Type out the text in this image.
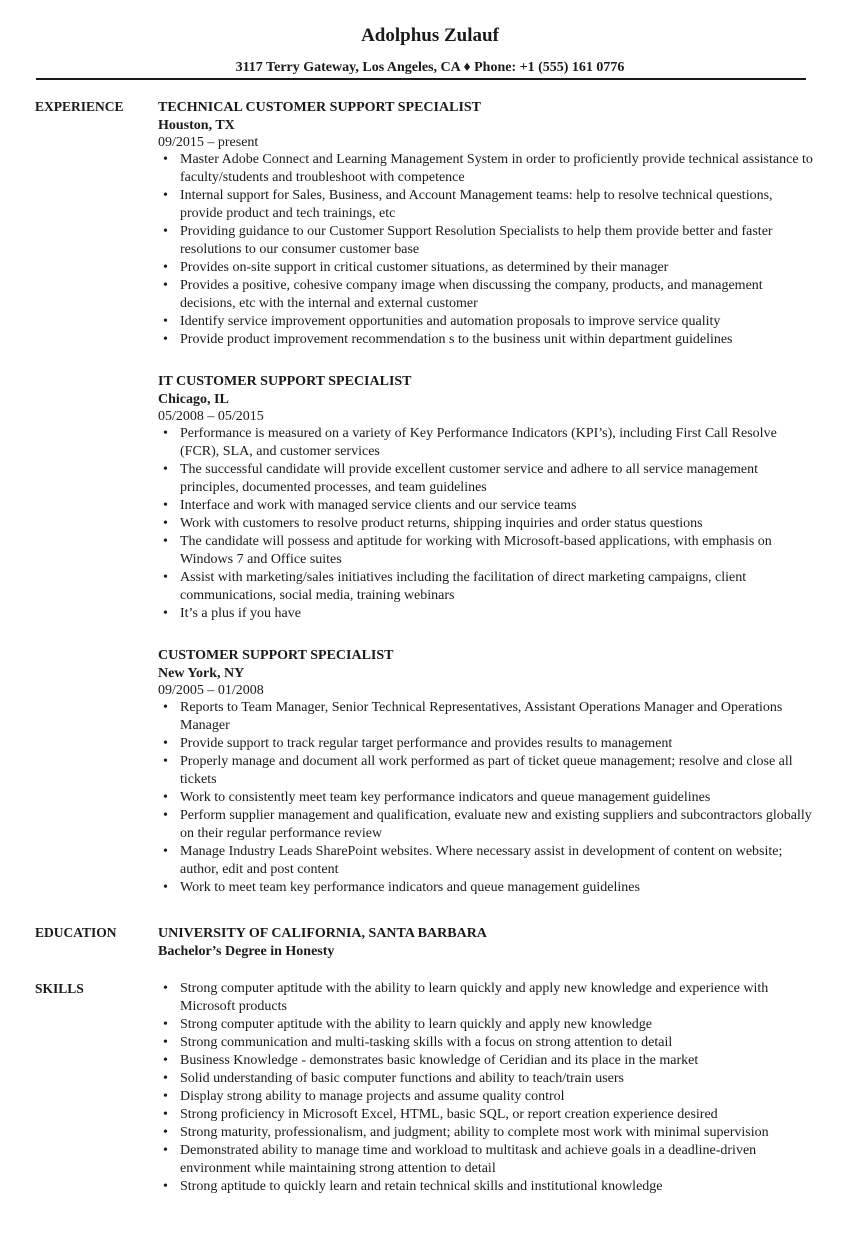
Adolphus Zulauf
3117 Terry Gateway, Los Angeles, CA ♦ Phone: +1 (555) 161 0776
EXPERIENCE TECHNICAL CUSTOMER SUPPORT SPECIALIST
Houston, TX
09/2015 – present
• Master Adobe Connect and Learning Management System in order to proficiently provide technical assistance to faculty/students and troubleshoot with competence
• Internal support for Sales, Business, and Account Management teams: help to resolve technical questions, provide product and tech trainings, etc
• Providing guidance to our Customer Support Resolution Specialists to help them provide better and faster resolutions to our consumer customer base
• Provides on-site support in critical customer situations, as determined by their manager
• Provides a positive, cohesive company image when discussing the company, products, and management decisions, etc with the internal and external customer
• Identify service improvement opportunities and automation proposals to improve service quality
• Provide product improvement recommendation s to the business unit within department guidelines
IT CUSTOMER SUPPORT SPECIALIST
Chicago, IL
05/2008 – 05/2015
• Performance is measured on a variety of Key Performance Indicators (KPI’s), including First Call Resolve (FCR), SLA, and customer services
• The successful candidate will provide excellent customer service and adhere to all service management principles, documented processes, and team guidelines
• Interface and work with managed service clients and our service teams
• Work with customers to resolve product returns, shipping inquiries and order status questions
• The candidate will possess and aptitude for working with Microsoft-based applications, with emphasis on Windows 7 and Office suites
• Assist with marketing/sales initiatives including the facilitation of direct marketing campaigns, client communications, social media, training webinars
• It’s a plus if you have
CUSTOMER SUPPORT SPECIALIST
New York, NY
09/2005 – 01/2008
• Reports to Team Manager, Senior Technical Representatives, Assistant Operations Manager and Operations Manager
• Provide support to track regular target performance and provides results to management
• Properly manage and document all work performed as part of ticket queue management; resolve and close all tickets
• Work to consistently meet team key performance indicators and queue management guidelines
• Perform supplier management and qualification, evaluate new and existing suppliers and subcontractors globally on their regular performance review
• Manage Industry Leads SharePoint websites. Where necessary assist in development of content on website; author, edit and post content
• Work to meet team key performance indicators and queue management guidelines
EDUCATION	UNIVERSITY OF CALIFORNIA, SANTA BARBARA
Bachelor’s Degree in Honesty
SKILLS
•	Strong computer aptitude with the ability to learn quickly and apply new knowledge and experience with Microsoft products
• Strong computer aptitude with the ability to learn quickly and apply new knowledge
• Strong communication and multi-tasking skills with a focus on strong attention to detail
• Business Knowledge - demonstrates basic knowledge of Ceridian and its place in the market
• Solid understanding of basic computer functions and ability to teach/train users
• Display strong ability to manage projects and assume quality control
• Strong proficiency in Microsoft Excel, HTML, basic SQL, or report creation experience desired
• Strong maturity, professionalism, and judgment; ability to complete most work with minimal supervision
• Demonstrated ability to manage time and workload to multitask and achieve goals in a deadline-driven environment while maintaining strong attention to detail
• Strong aptitude to quickly learn and retain technical skills and institutional knowledge
